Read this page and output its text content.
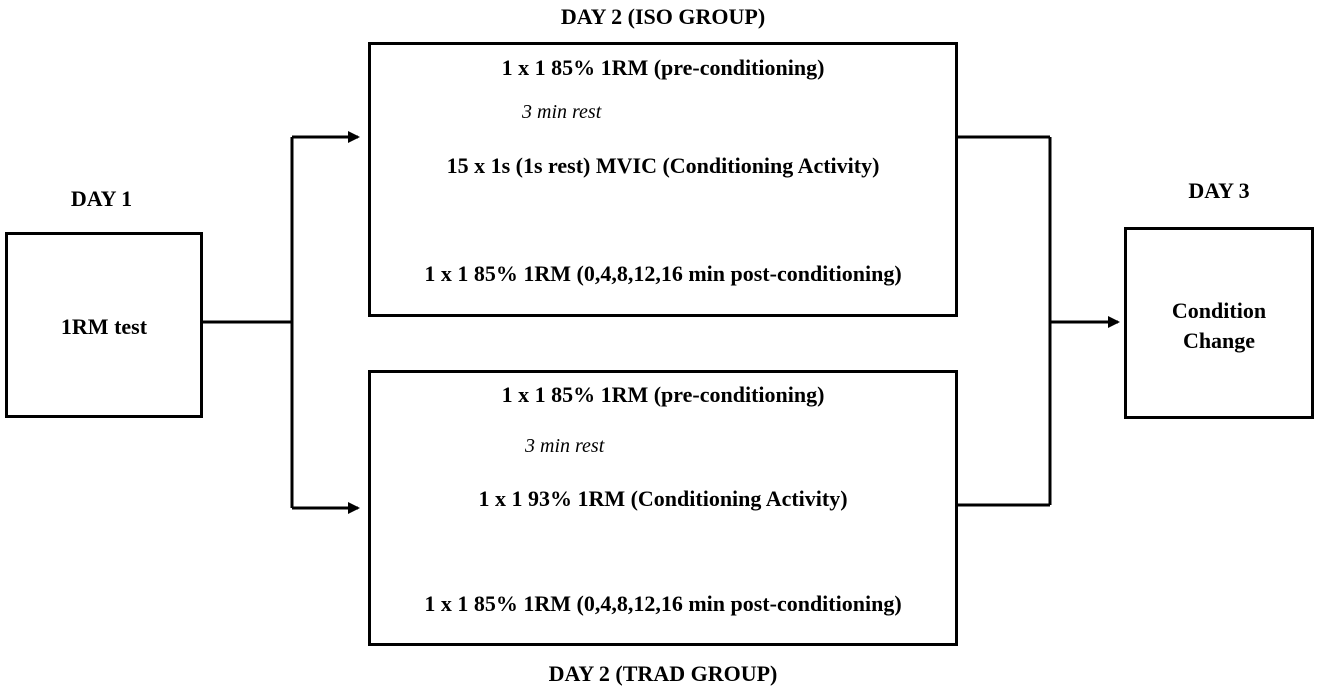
DAY 1
1RM test
DAY 2 (ISO GROUP)
1 x 1 85% 1RM (pre-conditioning)
3 min rest
15 x 1s (1s rest) MVIC (Conditioning Activity)
1 x 1 85% 1RM (0,4,8,12,16 min post-conditioning)
1 x 1 85% 1RM (pre-conditioning)
3 min rest
1 x 1 93% 1RM (Conditioning Activity)
1 x 1 85% 1RM (0,4,8,12,16 min post-conditioning)
DAY 2 (TRAD GROUP)
DAY 3
Condition
Change
